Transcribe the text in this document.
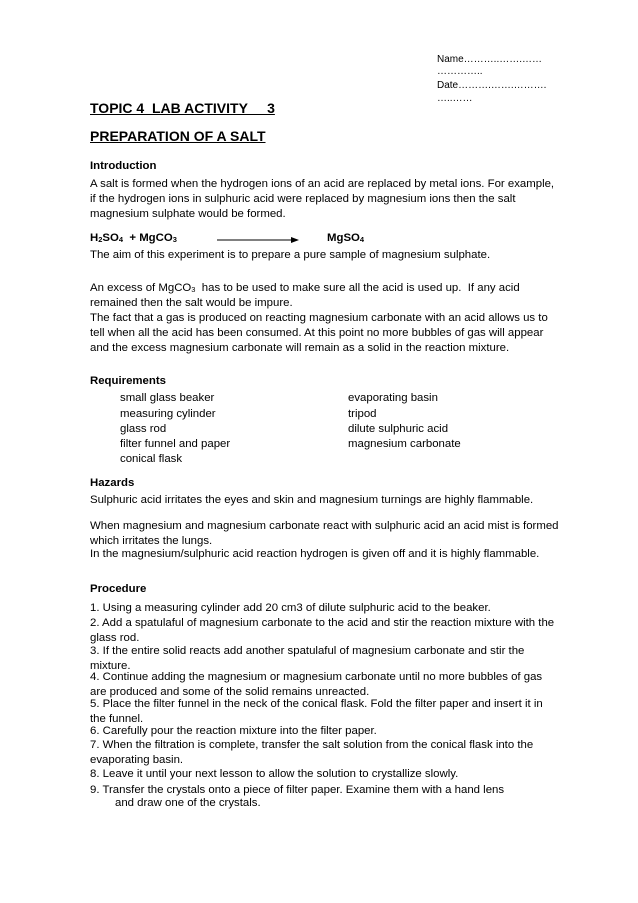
Name………..…….……
…………..
Date……….…….……….
…..……
TOPIC 4  LAB ACTIVITY     3
PREPARATION OF A SALT
Introduction
A salt is formed when the hydrogen ions of an acid are replaced by metal ions. For example, if the hydrogen ions in sulphuric acid were replaced by magnesium ions then the salt magnesium sulphate would be formed.
$H_2SO_4$  + MgCO$_3$	MgSO$_4$
The aim of this experiment is to prepare a pure sample of magnesium sulphate.
An excess of MgCO$_3$  has to be used to make sure all the acid is used up.  If any acid remained then the salt would be impure.
The fact that a gas is produced on reacting magnesium carbonate with an acid allows us to tell when all the acid has been consumed. At this point no more bubbles of gas will appear and the excess magnesium carbonate will remain as a solid in the reaction mixture.
Requirements
small glass beaker
measuring cylinder
glass rod
filter funnel and paper
conical flask
evaporating basin
tripod
dilute sulphuric acid
magnesium carbonate
Hazards
Sulphuric acid irritates the eyes and skin and magnesium turnings are highly flammable.
When magnesium and magnesium carbonate react with sulphuric acid an acid mist is formed which irritates the lungs.
In the magnesium/sulphuric acid reaction hydrogen is given off and it is highly flammable.
Procedure
1. Using a measuring cylinder add 20 cm3 of dilute sulphuric acid to the beaker.
2. Add a spatulaful of magnesium carbonate to the acid and stir the reaction mixture with the glass rod.
3. If the entire solid reacts add another spatulaful of magnesium carbonate and stir the mixture.
4. Continue adding the magnesium or magnesium carbonate until no more bubbles of gas are produced and some of the solid remains unreacted.
5. Place the filter funnel in the neck of the conical flask. Fold the filter paper and insert it in the funnel.
6. Carefully pour the reaction mixture into the filter paper.
7. When the filtration is complete, transfer the salt solution from the conical flask into the evaporating basin.
8. Leave it until your next lesson to allow the solution to crystallize slowly.
9. Transfer the crystals onto a piece of filter paper. Examine them with a hand lens
and draw one of the crystals.
